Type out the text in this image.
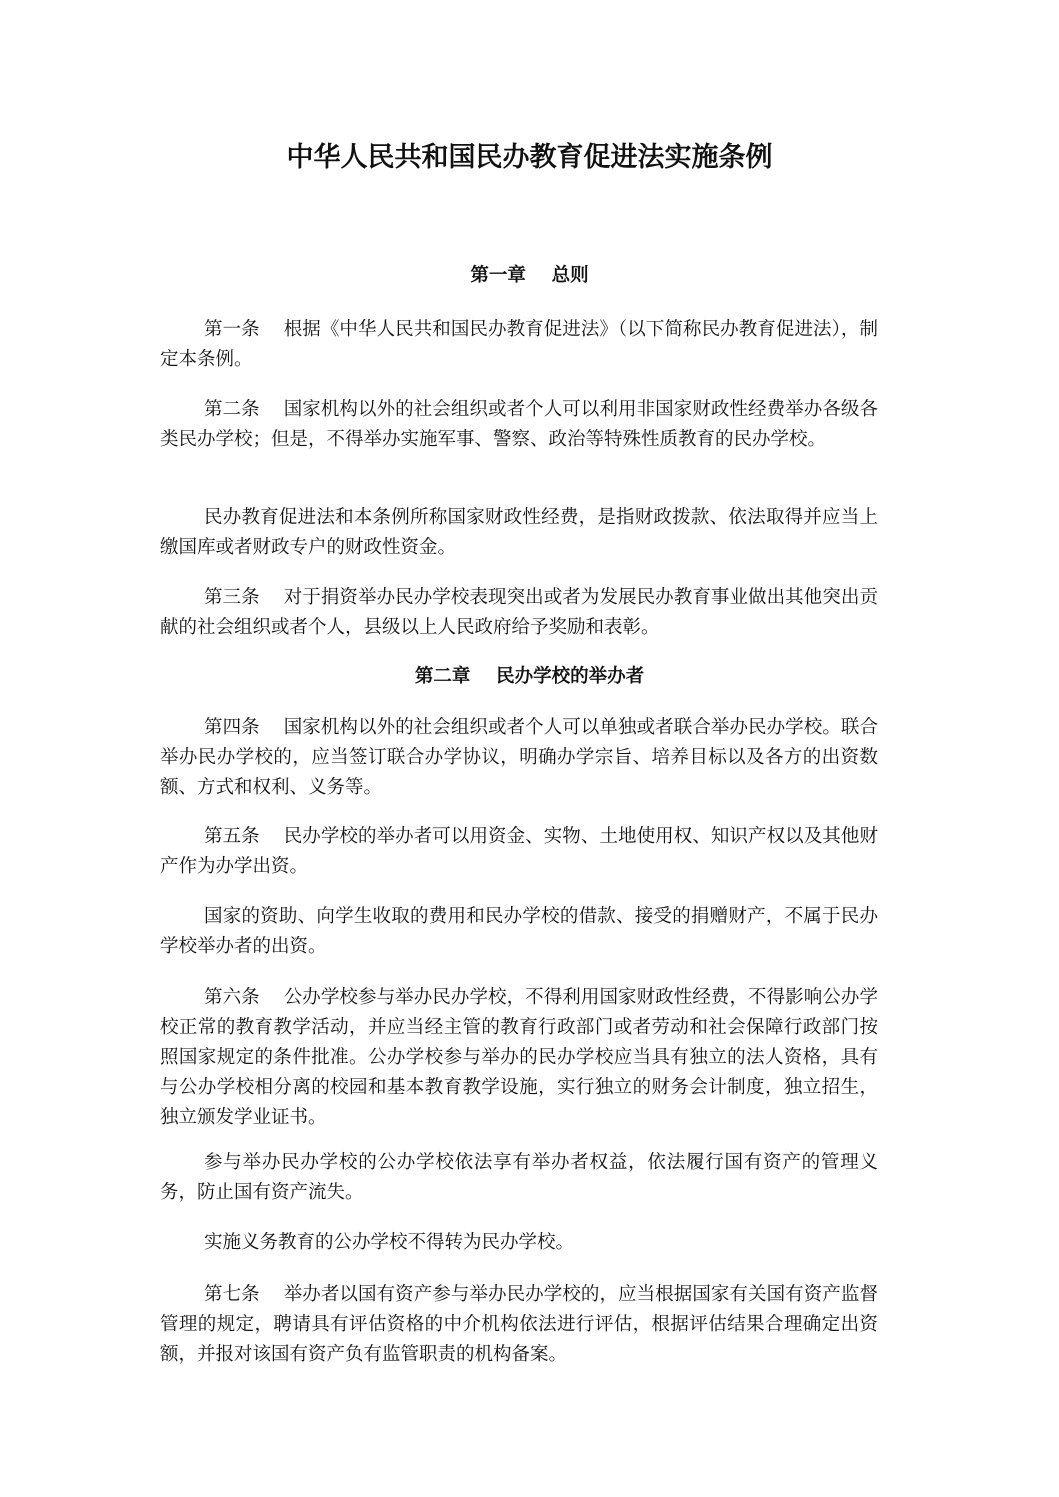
中华人民共和国民办教育促进法实施条例
第一章    总则
第一条 根据《中华人民共和国民办教育促进法》（以下简称民办教育促进法），制定本条例。
第二条 国家机构以外的社会组织或者个人可以利用非国家财政性经费举办各级各类民办学校；但是，不得举办实施军事、警察、政治等特殊性质教育的民办学校。
民办教育促进法和本条例所称国家财政性经费，是指财政拨款、依法取得并应当上缴国库或者财政专户的财政性资金。
第三条 对于捐资举办民办学校表现突出或者为发展民办教育事业做出其他突出贡献的社会组织或者个人，县级以上人民政府给予奖励和表彰。
第二章    民办学校的举办者
第四条 国家机构以外的社会组织或者个人可以单独或者联合举办民办学校。联合举办民办学校的，应当签订联合办学协议，明确办学宗旨、培养目标以及各方的出资数额、方式和权利、义务等。
第五条 民办学校的举办者可以用资金、实物、土地使用权、知识产权以及其他财产作为办学出资。
国家的资助、向学生收取的费用和民办学校的借款、接受的捐赠财产，不属于民办学校举办者的出资。
第六条 公办学校参与举办民办学校，不得利用国家财政性经费，不得影响公办学校正常的教育教学活动，并应当经主管的教育行政部门或者劳动和社会保障行政部门按照国家规定的条件批准。公办学校参与举办的民办学校应当具有独立的法人资格，具有与公办学校相分离的校园和基本教育教学设施，实行独立的财务会计制度，独立招生，独立颁发学业证书。
参与举办民办学校的公办学校依法享有举办者权益，依法履行国有资产的管理义务，防止国有资产流失。
实施义务教育的公办学校不得转为民办学校。
第七条 举办者以国有资产参与举办民办学校的，应当根据国家有关国有资产监督管理的规定，聘请具有评估资格的中介机构依法进行评估，根据评估结果合理确定出资额，并报对该国有资产负有监管职责的机构备案。
